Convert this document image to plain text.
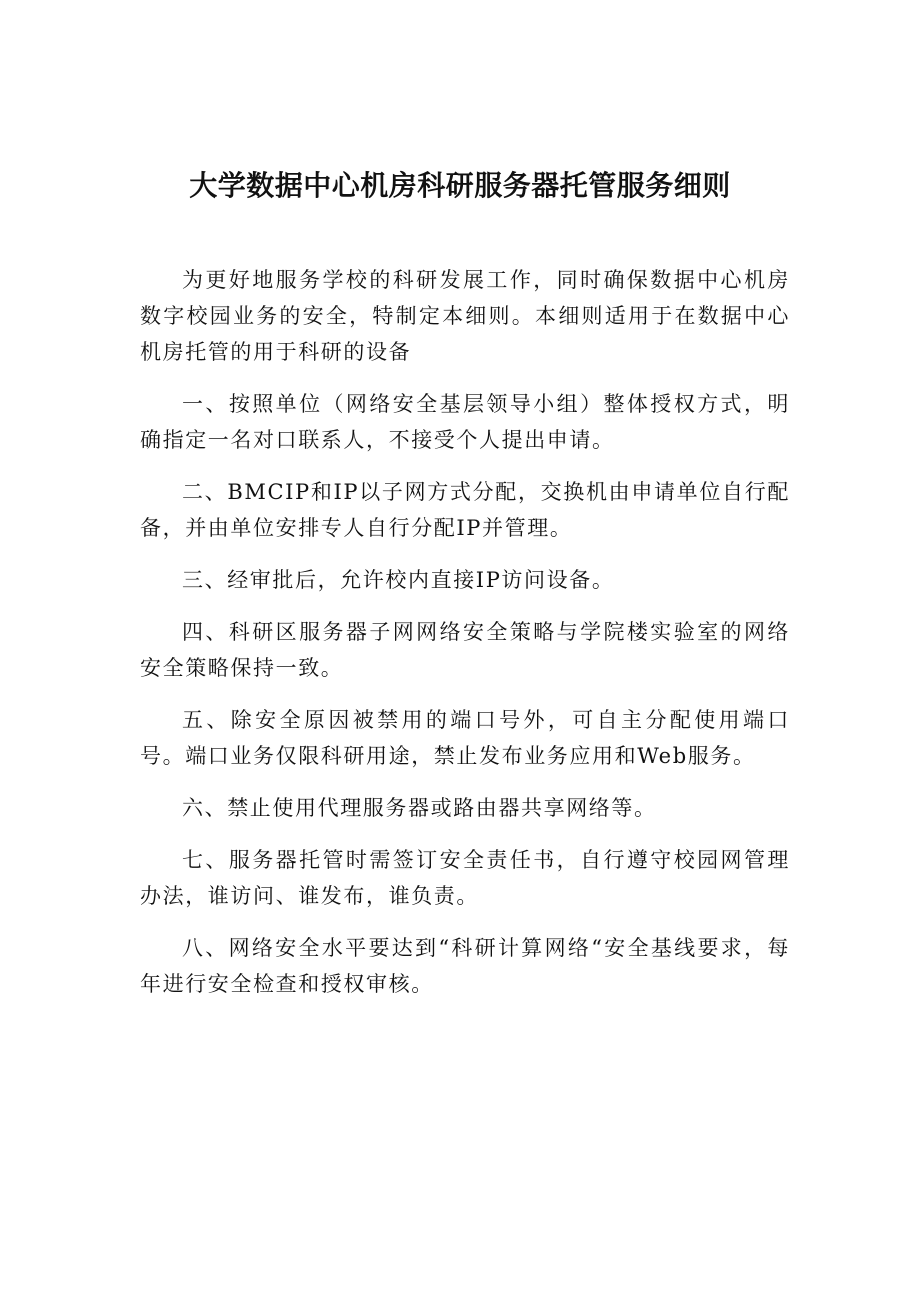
大学数据中心机房科研服务器托管服务细则

为更好地服务学校的科研发展工作，同时确保数据中心机房数字校园业务的安全，特制定本细则。本细则适用于在数据中心机房托管的用于科研的设备

一、按照单位（网络安全基层领导小组）整体授权方式，明确指定一名对口联系人，不接受个人提出申请。

二、BMCIP和IP以子网方式分配，交换机由申请单位自行配备，并由单位安排专人自行分配IP并管理。

三、经审批后，允许校内直接IP访问设备。

四、科研区服务器子网网络安全策略与学院楼实验室的网络安全策略保持一致。

五、除安全原因被禁用的端口号外，可自主分配使用端口号。端口业务仅限科研用途，禁止发布业务应用和Web服务。

六、禁止使用代理服务器或路由器共享网络等。

七、服务器托管时需签订安全责任书，自行遵守校园网管理办法，谁访问、谁发布，谁负责。

八、网络安全水平要达到“科研计算网络“安全基线要求，每年进行安全检查和授权审核。
